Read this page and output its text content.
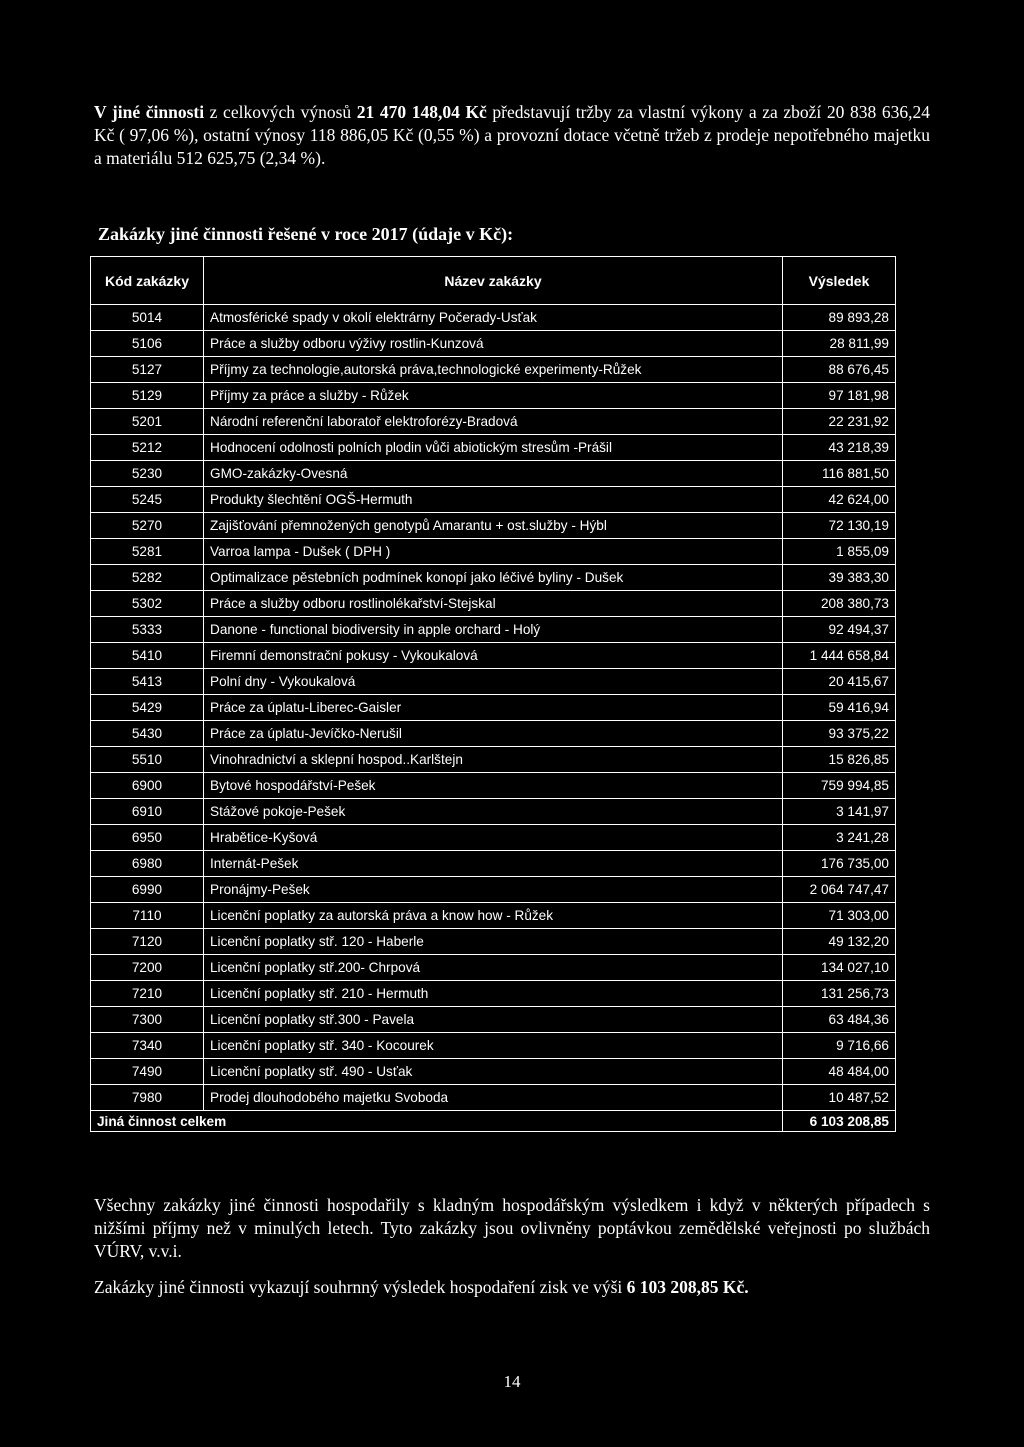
V jiné činnosti z celkových výnosů 21 470 148,04 Kč představují tržby za vlastní výkony a za zboží 20 838 636,24 Kč ( 97,06 %), ostatní výnosy 118 886,05 Kč (0,55 %) a provozní dotace včetně tržeb z prodeje nepotřebného majetku a materiálu 512 625,75 (2,34 %).
Zakázky jiné činnosti řešené v roce 2017 (údaje v Kč):
Kód zakázky	Název zakázky	Výsledek
5014	Atmosférické spady v okolí elektrárny Počerady-Usťak	89 893,28
5106	Práce a služby odboru výživy rostlin-Kunzová	28 811,99
5127	Příjmy za technologie,autorská práva,technologické experimenty-Růžek	88 676,45
5129	Příjmy za práce a služby - Růžek	97 181,98
5201	Národní referenční laboratoř elektroforézy-Bradová	22 231,92
5212	Hodnocení odolnosti polních plodin vůči abiotickým stresům -Prášil	43 218,39
5230	GMO-zakázky-Ovesná	116 881,50
5245	Produkty šlechtění OGŠ-Hermuth	42 624,00
5270	Zajišťování přemnožených genotypů Amarantu + ost.služby - Hýbl	72 130,19
5281	Varroa lampa - Dušek ( DPH )	1 855,09
5282	Optimalizace pěstebních podmínek konopí jako léčivé byliny - Dušek	39 383,30
5302	Práce a služby odboru rostlinolékařství-Stejskal	208 380,73
5333	Danone - functional biodiversity in apple orchard - Holý	92 494,37
5410	Firemní demonstrační pokusy - Vykoukalová	1 444 658,84
5413	Polní dny - Vykoukalová	20 415,67
5429	Práce za úplatu-Liberec-Gaisler	59 416,94
5430	Práce za úplatu-Jevíčko-Nerušil	93 375,22
5510	Vinohradnictví a sklepní hospod..Karlštejn	15 826,85
6900	Bytové hospodářství-Pešek	759 994,85
6910	Stážové pokoje-Pešek	3 141,97
6950	Hrabětice-Kyšová	3 241,28
6980	Internát-Pešek	176 735,00
6990	Pronájmy-Pešek	2 064 747,47
7110	Licenční poplatky za autorská práva a know how - Růžek	71 303,00
7120	Licenční poplatky stř. 120 - Haberle	49 132,20
7200	Licenční poplatky stř.200- Chrpová	134 027,10
7210	Licenční poplatky stř. 210 - Hermuth	131 256,73
7300	Licenční poplatky stř.300 - Pavela	63 484,36
7340	Licenční poplatky stř. 340 - Kocourek	9 716,66
7490	Licenční poplatky stř. 490 - Usťak	48 484,00
7980	Prodej dlouhodobého majetku Svoboda	10 487,52
Jiná činnost celkem		6 103 208,85
Všechny zakázky jiné činnosti hospodařily s kladným hospodářským výsledkem i když v některých případech s nižšími příjmy než v minulých letech. Tyto zakázky jsou ovlivněny poptávkou zemědělské veřejnosti po službách VÚRV, v.v.i.
Zakázky jiné činnosti vykazují souhrnný výsledek hospodaření zisk ve výši 6 103 208,85 Kč.
14
